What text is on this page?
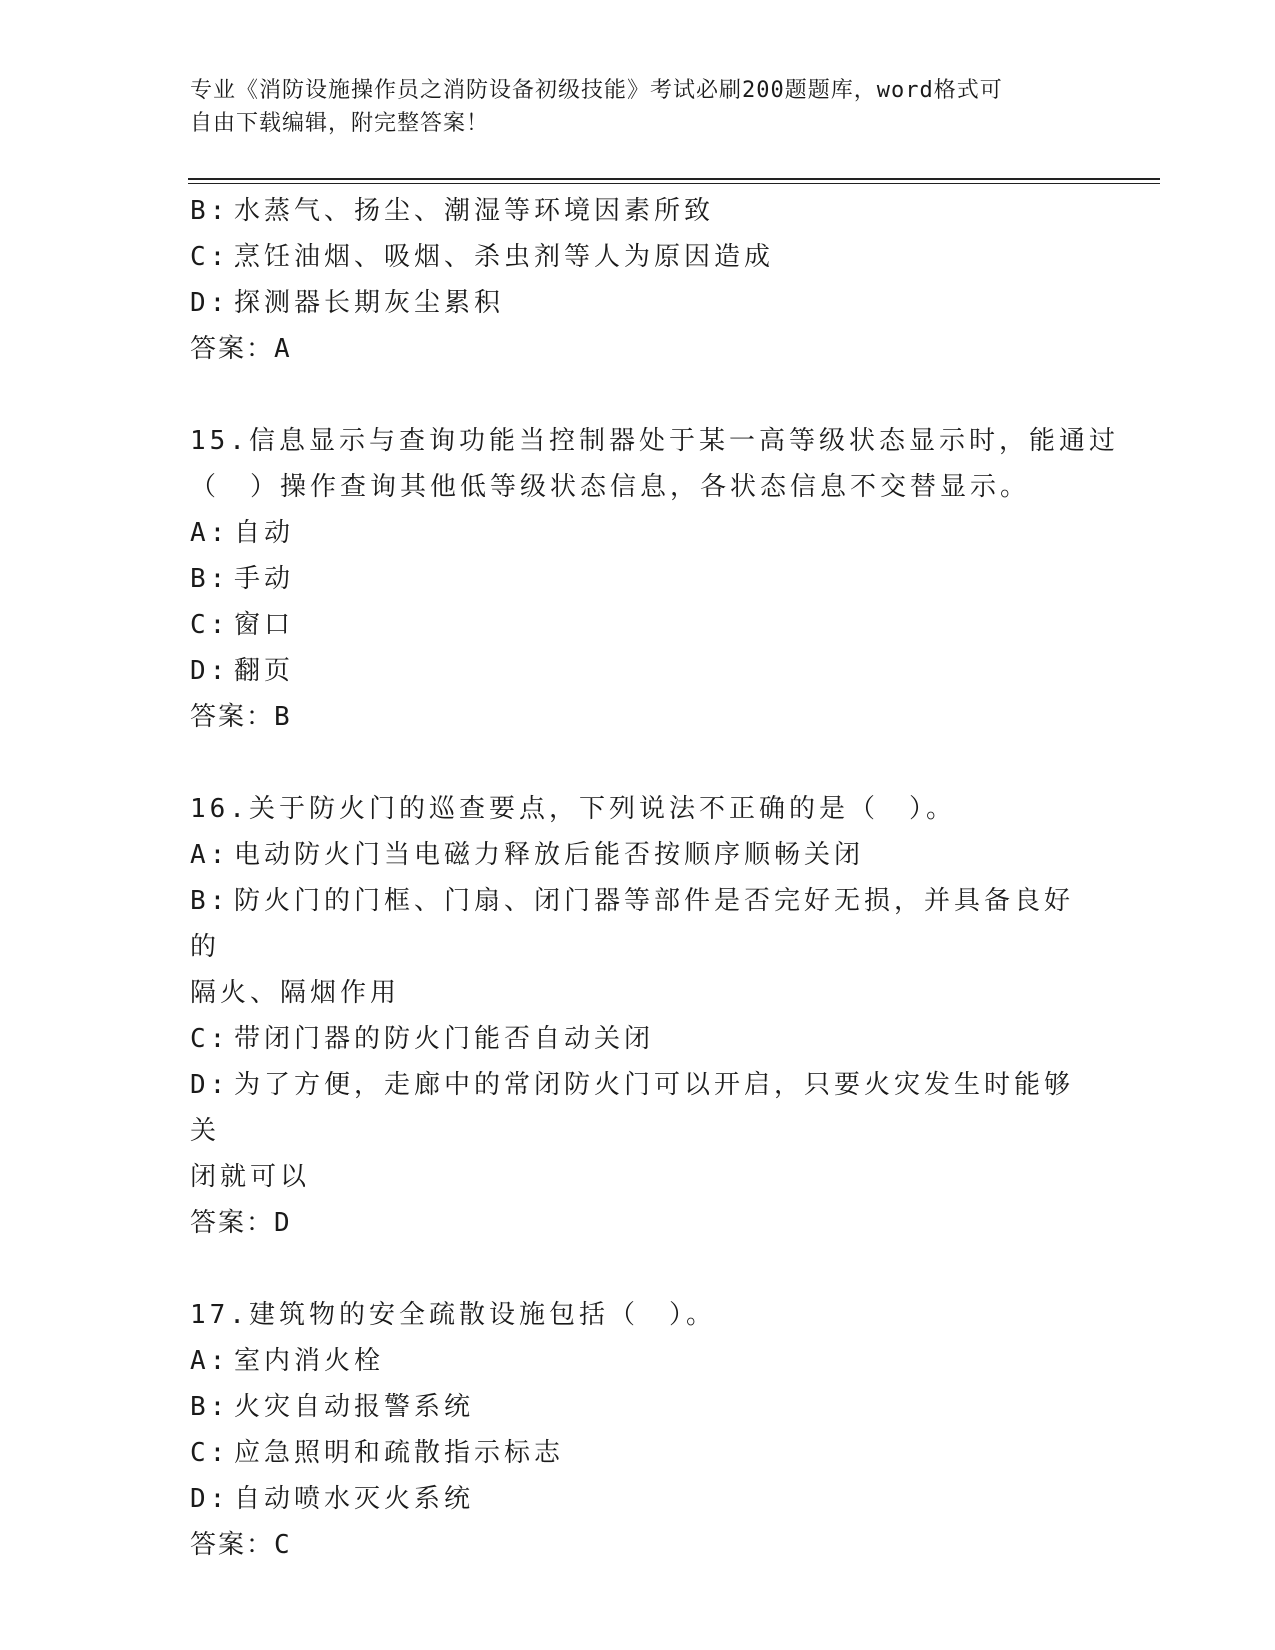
专业《消防设施操作员之消防设备初级技能》考试必刷200题题库，word格式可
自由下载编辑，附完整答案！
B: 水蒸气、扬尘、潮湿等环境因素所致
C: 烹饪油烟、吸烟、杀虫剂等人为原因造成
D: 探测器长期灰尘累积
答案：A
15.信息显示与查询功能当控制器处于某一高等级状态显示时，能通过
（　）操作查询其他低等级状态信息，各状态信息不交替显示。
A: 自动
B: 手动
C: 窗口
D: 翻页
答案：B
16.关于防火门的巡查要点，下列说法不正确的是（　）。
A: 电动防火门当电磁力释放后能否按顺序顺畅关闭
B: 防火门的门框、门扇、闭门器等部件是否完好无损，并具备良好的
隔火、隔烟作用
C: 带闭门器的防火门能否自动关闭
D: 为了方便，走廊中的常闭防火门可以开启，只要火灾发生时能够关
闭就可以
答案：D
17.建筑物的安全疏散设施包括（　）。
A: 室内消火栓
B: 火灾自动报警系统
C: 应急照明和疏散指示标志
D: 自动喷水灭火系统
答案：C
